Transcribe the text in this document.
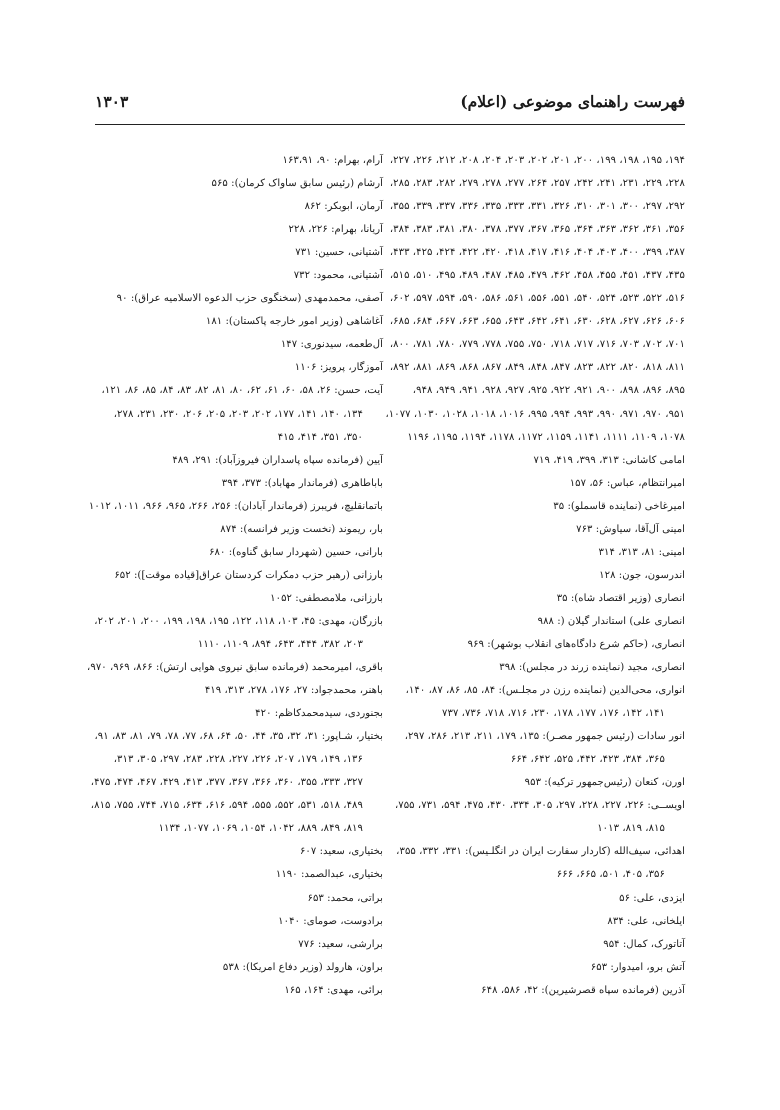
فهرست راهنمای موضوعی (اعلام)
۱۳۰۳
۱۹۴، ۱۹۵، ۱۹۸، ۱۹۹، ۲۰۰، ۲۰۱، ۲۰۲، ۲۰۳، ۲۰۴، ۲۰۸، ۲۱۲، ۲۲۶، ۲۲۷،
۲۲۸، ۲۲۹، ۲۳۱، ۲۴۱، ۲۴۲، ۲۵۷، ۲۶۴، ۲۷۷، ۲۷۸، ۲۷۹، ۲۸۲، ۲۸۳، ۲۸۵،
۲۹۲، ۲۹۷، ۳۰۰، ۳۰۱، ۳۱۰، ۳۲۶، ۳۳۱، ۳۳۳، ۳۳۵، ۳۳۶، ۳۳۷، ۳۳۹، ۳۵۵،
۳۵۶، ۳۶۱، ۳۶۲، ۳۶۳، ۳۶۴، ۳۶۵، ۳۶۷، ۳۷۷، ۳۷۸، ۳۸۰، ۳۸۱، ۳۸۳، ۳۸۴،
۳۸۷، ۳۹۹، ۴۰۰، ۴۰۳، ۴۰۴، ۴۱۶، ۴۱۷، ۴۱۸، ۴۲۰، ۴۲۲، ۴۲۴، ۴۲۵، ۴۳۳،
۴۳۵، ۴۳۷، ۴۵۱، ۴۵۵، ۴۵۸، ۴۶۲، ۴۷۹، ۴۸۵، ۴۸۷، ۴۸۹، ۴۹۵، ۵۱۰، ۵۱۵،
۵۱۶، ۵۲۲، ۵۲۳، ۵۲۴، ۵۴۰، ۵۵۱، ۵۵۶، ۵۶۱، ۵۸۶، ۵۹۰، ۵۹۴، ۵۹۷، ۶۰۲،
۶۰۶، ۶۲۶، ۶۲۷، ۶۲۸، ۶۳۰، ۶۴۱، ۶۴۲، ۶۴۳، ۶۵۵، ۶۶۳، ۶۶۷، ۶۸۴، ۶۸۵،
۷۰۱، ۷۰۲، ۷۰۳، ۷۱۶، ۷۱۷، ۷۱۸، ۷۵۰، ۷۵۵، ۷۷۸، ۷۷۹، ۷۸۰، ۷۸۱، ۸۰۰،
۸۱۱، ۸۱۸، ۸۲۰، ۸۲۲، ۸۲۳، ۸۴۷، ۸۴۸، ۸۴۹، ۸۶۷، ۸۶۸، ۸۶۹، ۸۸۱، ۸۹۲،
۸۹۵، ۸۹۶، ۸۹۸، ۹۰۰، ۹۲۱، ۹۲۲، ۹۲۵، ۹۲۷، ۹۲۸، ۹۴۱، ۹۴۹، ۹۴۸،
۹۵۱، ۹۷۰، ۹۷۱، ۹۹۰، ۹۹۳، ۹۹۴، ۹۹۵، ۱۰۱۶، ۱۰۱۸، ۱۰۲۸، ۱۰۳۰، ۱۰۷۷،
۱۰۷۸، ۱۱۰۹، ۱۱۱۱، ۱۱۴۱، ۱۱۵۹، ۱۱۷۲، ۱۱۷۸، ۱۱۹۴، ۱۱۹۵، ۱۱۹۶
امامی کاشانی: ۳۱۳، ۳۹۹، ۴۱۹، ۷۱۹
امیرانتظام، عباس: ۵۶، ۱۵۷
امیرغاخی (نماینده قاسملو): ۳۵
امینی آل‌آقا، سیاوش: ۷۶۳
امینی: ۸۱، ۳۱۳، ۳۱۴
اندرسون، جون: ۱۲۸
انصاری (وزیر اقتصاد شاه): ۳۵
انصاری علی) استاندار گیلان (: ۹۸۸
انصاری، (حاکم شرع دادگاه‌های انقلاب بوشهر): ۹۶۹
انصاری، مجید (نماینده زرند در مجلس): ۳۹۸
انواری، محی‌الدین (نماینده رزن در مجلـس): ۸۴، ۸۵، ۸۶، ۸۷، ۱۴۰،
۱۴۱، ۱۴۲، ۱۷۶، ۱۷۷، ۱۷۸، ۲۳۰، ۷۱۶، ۷۱۸، ۷۳۶، ۷۳۷
انور سادات (رئیس جمهور مصـر): ۱۳۵، ۱۷۹، ۲۱۱، ۲۱۳، ۲۸۶، ۲۹۷،
۳۶۵، ۳۸۴، ۴۲۳، ۴۴۲، ۵۲۵، ۶۴۲، ۶۶۴
اورن، کنعان (رئیس‌جمهور ترکیه): ۹۵۳
اویســی: ۲۲۶، ۲۲۷، ۲۲۸، ۲۹۷، ۳۰۵، ۳۳۴، ۴۳۰، ۴۷۵، ۵۹۴، ۷۳۱، ۷۵۵،
۸۱۵، ۸۱۹، ۱۰۱۳
اهدائی، سیف‌الله (کاردار سفارت ایران در انگلـیس): ۳۳۱، ۳۳۲، ۳۵۵،
۳۵۶، ۴۰۵، ۵۰۱، ۶۶۵، ۶۶۶
ایزدی، علی: ۵۶
ایلخانی، علی: ۸۳۴
آتاتورک، کمال: ۹۵۴
آتش برو، امیدوار: ۶۵۳
آذرین (فرمانده سپاه قصرشیرین): ۴۲، ۵۸۶، ۶۴۸
آرام، بهرام: ۹۰، ۱۶۳،۹۱
آرشام (رئیس سابق ساواک کرمان): ۵۶۵
آرمان، ابوبکر: ۸۶۲
آریانا، بهرام: ۲۲۶، ۲۲۸
آشتیانی، حسین: ۷۳۱
آشتیانی، محمود: ۷۳۲
آصفی، محمدمهدی (سخنگوی حزب الدعوه الاسلامیه عراق): ۹۰
آغاشاهی (وزیر امور خارجه پاکستان): ۱۸۱
آل‌طعمه، سیدنوری: ۱۴۷
آموزگار، پرویز: ۱۱۰۶
آیت، حسن: ۲۶، ۵۸، ۶۰، ۶۱، ۶۲، ۸۰، ۸۱، ۸۲، ۸۳، ۸۴، ۸۵، ۸۶، ۱۲۱،
۱۳۴، ۱۴۰، ۱۴۱، ۱۷۷، ۲۰۲، ۲۰۳، ۲۰۵، ۲۰۶، ۲۳۰، ۲۳۱، ۲۷۸،
۳۵۰، ۳۵۱، ۴۱۴، ۴۱۵
آیین (فرمانده سپاه پاسداران فیروزآباد): ۲۹۱، ۴۸۹
باباطاهری (فرماندار مهاباد): ۳۷۳، ۳۹۴
باتمانقلیچ، فریبرز (فرماندار آبادان): ۲۵۶، ۲۶۶، ۹۶۵، ۹۶۶، ۱۰۱۱، ۱۰۱۲
بار، ریموند (نخست وزیر فرانسه): ۸۷۴
بارانی، حسین (شهردار سابق گناوه): ۶۸۰
بارزانی (رهبر حزب دمکرات کردستان عراق[قیاده موقت]): ۶۵۲
بارزانی، ملامصطفی: ۱۰۵۲
بازرگان، مهدی: ۴۵، ۱۰۳، ۱۱۸، ۱۲۲، ۱۹۵، ۱۹۸، ۱۹۹، ۲۰۰، ۲۰۱، ۲۰۲،
۲۰۳، ۳۸۲، ۴۴۴، ۶۴۳، ۸۹۴، ۱۱۰۹، ۱۱۱۰
باقری، امیرمحمد (فرمانده سابق نیروی هوایی ارتش): ۸۶۶، ۹۶۹، ۹۷۰،
باهنر، محمدجواد: ۲۷، ۱۷۶، ۲۷۸، ۳۱۳، ۴۱۹
بجنوردی، سیدمحمدکاظم: ۴۲۰
بختیار، شـاپور: ۳۱، ۳۲، ۳۵، ۴۴، ۵۰، ۶۴، ۶۸، ۷۷، ۷۸، ۷۹، ۸۱، ۸۳، ۹۱،
۱۳۶، ۱۴۹، ۱۷۹، ۲۰۷، ۲۲۶، ۲۲۷، ۲۲۸، ۲۸۳، ۲۹۷، ۳۰۵، ۳۱۳،
۳۲۷، ۳۳۳، ۳۵۵، ۳۶۰، ۳۶۶، ۳۶۷، ۳۷۷، ۴۱۳، ۴۲۹، ۴۶۷، ۴۷۴، ۴۷۵،
۴۸۹، ۵۱۸، ۵۳۱، ۵۵۲، ۵۵۵، ۵۹۴، ۶۱۶، ۶۳۴، ۷۱۵، ۷۴۴، ۷۵۵، ۸۱۵،
۸۱۹، ۸۴۹، ۸۸۹، ۱۰۴۲، ۱۰۵۴، ۱۰۶۹، ۱۰۷۷، ۱۱۳۴
بختیاری، سعید: ۶۰۷
بختیاری، عبدالصمد: ۱۱۹۰
براتی، محمد: ۶۵۳
برادوست، صومای: ۱۰۴۰
برارشی، سعید: ۷۷۶
براون، هارولد (وزیر دفاع امریکا): ۵۳۸
برائی، مهدی: ۱۶۴، ۱۶۵
